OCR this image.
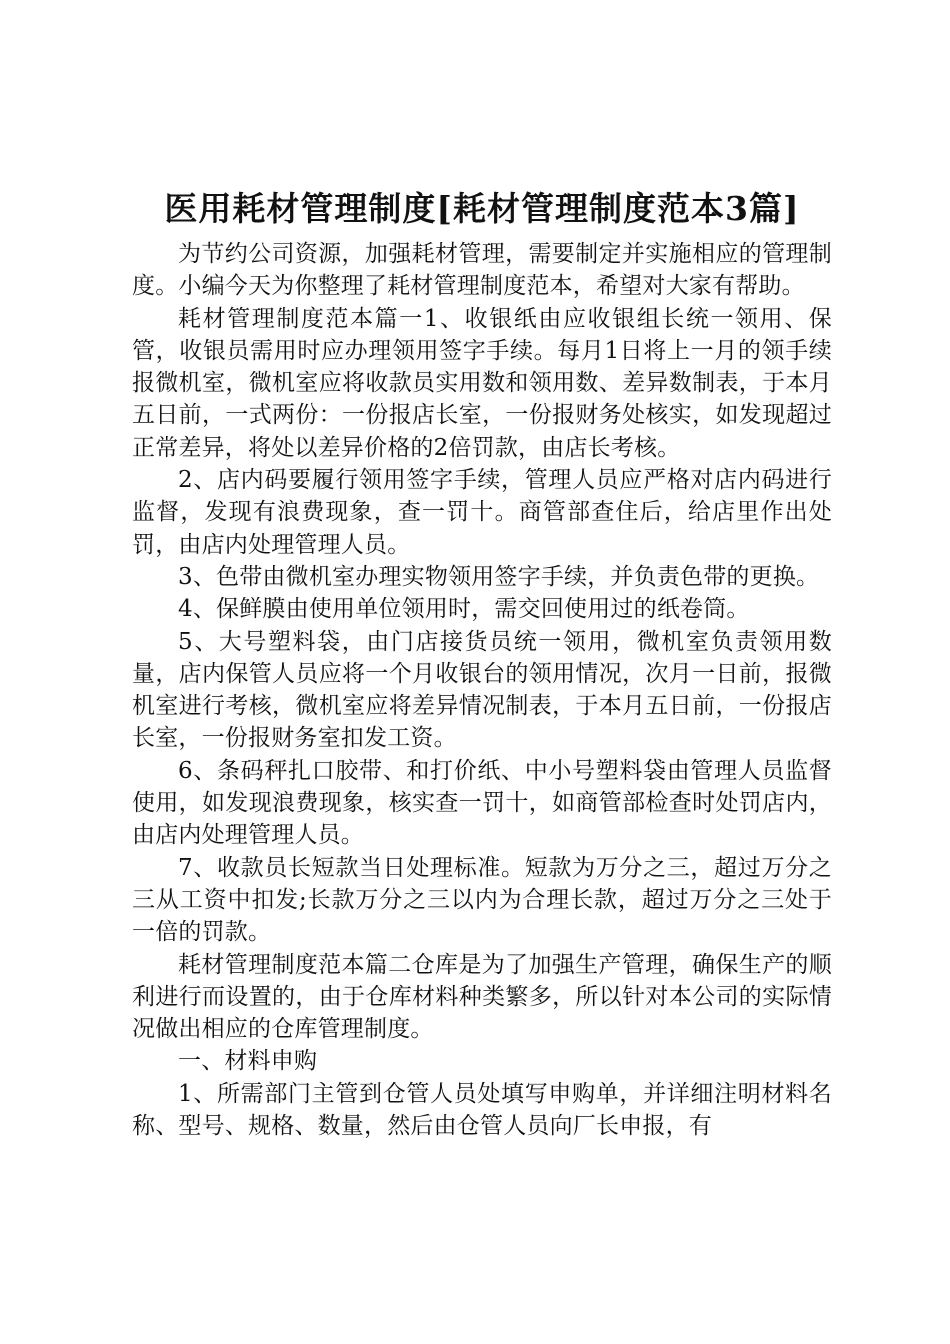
医用耗材管理制度[耗材管理制度范本3篇]

为节约公司资源，加强耗材管理，需要制定并实施相应的管理制度。小编今天为你整理了耗材管理制度范本，希望对大家有帮助。

耗材管理制度范本篇一1、收银纸由应收银组长统一领用、保管，收银员需用时应办理领用签字手续。每月1日将上一月的领手续报微机室，微机室应将收款员实用数和领用数、差异数制表，于本月五日前，一式两份：一份报店长室，一份报财务处核实，如发现超过正常差异，将处以差异价格的2倍罚款，由店长考核。

2、店内码要履行领用签字手续，管理人员应严格对店内码进行监督，发现有浪费现象，查一罚十。商管部查住后，给店里作出处罚，由店内处理管理人员。

3、色带由微机室办理实物领用签字手续，并负责色带的更换。

4、保鲜膜由使用单位领用时，需交回使用过的纸卷筒。

5、大号塑料袋，由门店接货员统一领用，微机室负责领用数量，店内保管人员应将一个月收银台的领用情况，次月一日前，报微机室进行考核，微机室应将差异情况制表，于本月五日前，一份报店长室，一份报财务室扣发工资。

6、条码秤扎口胶带、和打价纸、中小号塑料袋由管理人员监督使用，如发现浪费现象，核实查一罚十，如商管部检查时处罚店内，由店内处理管理人员。

7、收款员长短款当日处理标准。短款为万分之三，超过万分之三从工资中扣发;长款万分之三以内为合理长款，超过万分之三处于一倍的罚款。

耗材管理制度范本篇二仓库是为了加强生产管理，确保生产的顺利进行而设置的，由于仓库材料种类繁多，所以针对本公司的实际情况做出相应的仓库管理制度。

一、材料申购

1、所需部门主管到仓管人员处填写申购单，并详细注明材料名称、型号、规格、数量，然后由仓管人员向厂长申报，有
